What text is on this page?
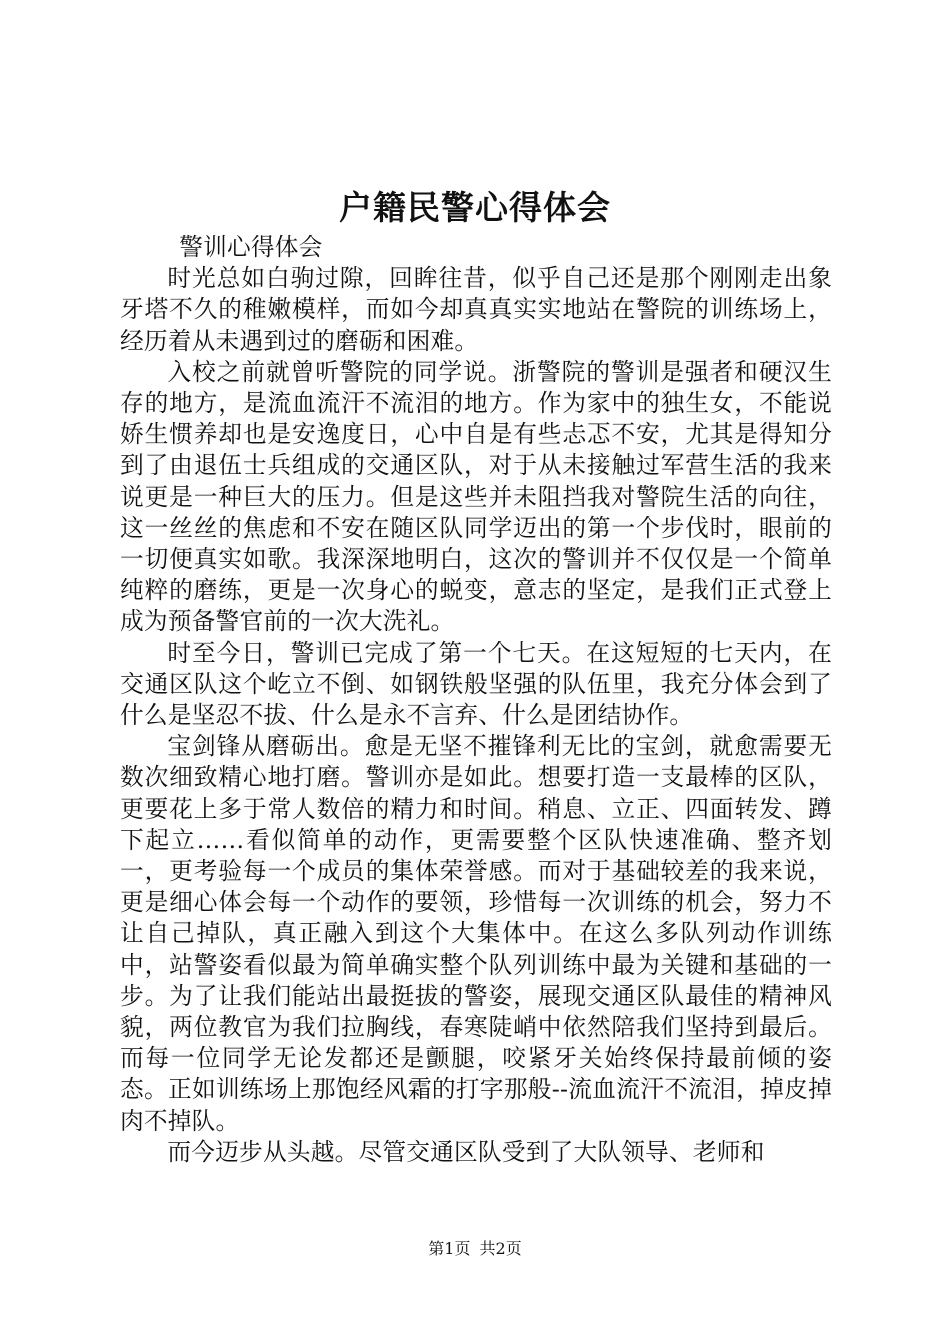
户籍民警心得体会

警训心得体会

时光总如白驹过隙，回眸往昔，似乎自己还是那个刚刚走出象牙塔不久的稚嫩模样，而如今却真真实实地站在警院的训练场上，经历着从未遇到过的磨砺和困难。

入校之前就曾听警院的同学说。浙警院的警训是强者和硬汉生存的地方，是流血流汗不流泪的地方。作为家中的独生女，不能说娇生惯养却也是安逸度日，心中自是有些忐忑不安，尤其是得知分到了由退伍士兵组成的交通区队，对于从未接触过军营生活的我来说更是一种巨大的压力。但是这些并未阻挡我对警院生活的向往，这一丝丝的焦虑和不安在随区队同学迈出的第一个步伐时，眼前的一切便真实如歌。我深深地明白，这次的警训并不仅仅是一个简单纯粹的磨练，更是一次身心的蜕变，意志的坚定，是我们正式登上成为预备警官前的一次大洗礼。

时至今日，警训已完成了第一个七天。在这短短的七天内，在交通区队这个屹立不倒、如钢铁般坚强的队伍里，我充分体会到了什么是坚忍不拔、什么是永不言弃、什么是团结协作。

宝剑锋从磨砺出。愈是无坚不摧锋利无比的宝剑，就愈需要无数次细致精心地打磨。警训亦是如此。想要打造一支最棒的区队，更要花上多于常人数倍的精力和时间。稍息、立正、四面转发、蹲下起立……看似简单的动作，更需要整个区队快速准确、整齐划一，更考验每一个成员的集体荣誉感。而对于基础较差的我来说，更是细心体会每一个动作的要领，珍惜每一次训练的机会，努力不让自己掉队，真正融入到这个大集体中。在这么多队列动作训练中，站警姿看似最为简单确实整个队列训练中最为关键和基础的一步。为了让我们能站出最挺拔的警姿，展现交通区队最佳的精神风貌，两位教官为我们拉胸线，春寒陡峭中依然陪我们坚持到最后。而每一位同学无论发都还是颤腿，咬紧牙关始终保持最前倾的姿态。正如训练场上那饱经风霜的打字那般--流血流汗不流泪，掉皮掉肉不掉队。

而今迈步从头越。尽管交通区队受到了大队领导、老师和

第1页 共2页
